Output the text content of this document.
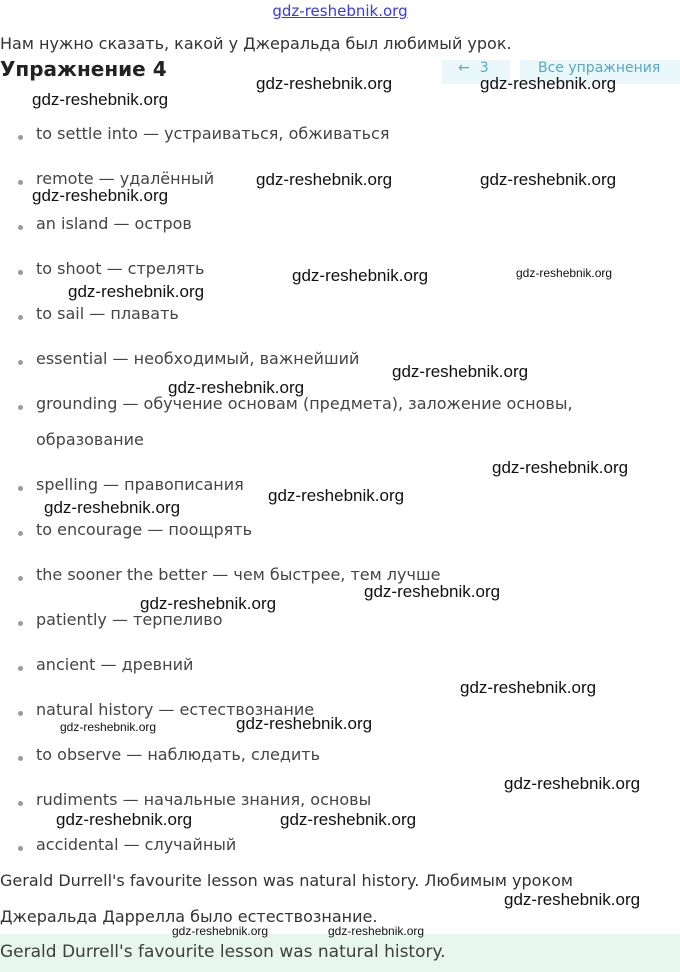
gdz-reshebnik.org
Нам нужно сказать, какой у Джеральда был любимый урок.
Упражнение 4	← 3	Все упражнения
to settle into — устраиваться, обживаться
remote — удалённый
an island — остров
to shoot — стрелять
to sail — плавать
essential — необходимый, важнейший
grounding — обучение основам (предмета), заложение основы,
spelling — правописания
to encourage — поощрять
the sooner the better — чем быстрее, тем лучше
patiently — терпеливо
ancient — древний
natural history — естествознание
to observe — наблюдать, следить
rudiments — начальные знания, основы
accidental — случайный
образование
Gerald Durrell's favourite lesson was natural history. Любимым уроком
Джеральда Даррелла было естествознание.
Gerald Durrell's favourite lesson was natural history.
gdz-reshebnik.org	gdz-reshebnik.org
gdz-reshebnik.org
gdz-reshebnik.org	gdz-reshebnik.org
gdz-reshebnik.org
gdz-reshebnik.org	gdz-reshebnik.org
gdz-reshebnik.org
gdz-reshebnik.org
gdz-reshebnik.org
gdz-reshebnik.org
gdz-reshebnik.org
gdz-reshebnik.org
gdz-reshebnik.org
gdz-reshebnik.org
gdz-reshebnik.org
gdz-reshebnik.org
gdz-reshebnik.org
gdz-reshebnik.org
gdz-reshebnik.org	gdz-reshebnik.org
gdz-reshebnik.org
gdz-reshebnik.org	gdz-reshebnik.org
